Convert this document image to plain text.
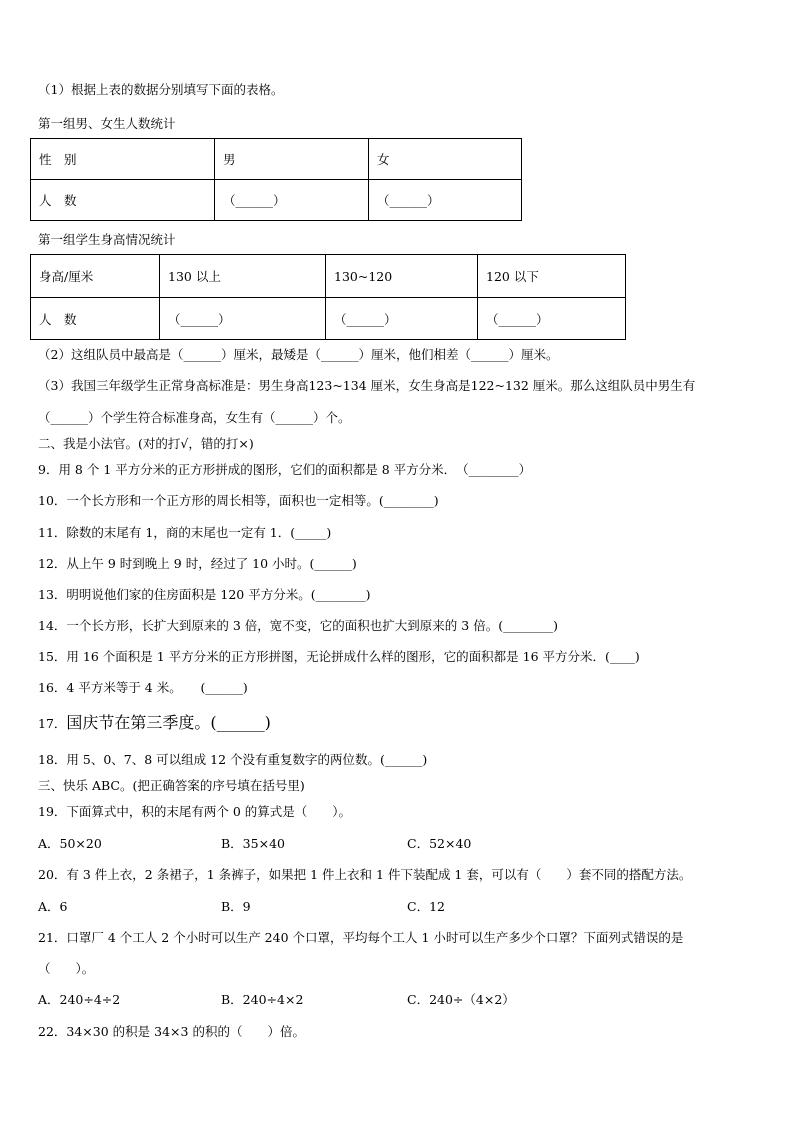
（1）根据上表的数据分别填写下面的表格。
第一组男、女生人数统计
性　别	男	女
人　数	（______）	（______）
第一组学生身高情况统计
身高/厘米	130 以上	130~120	120 以下
人　数	（______）	（______）	（______）
（2）这组队员中最高是（______）厘米，最矮是（______）厘米，他们相差（______）厘米。
（3）我国三年级学生正常身高标准是：男生身高123~134 厘米，女生身高是122~132 厘米。那么这组队员中男生有
（______）个学生符合标准身高，女生有（______）个。
二、我是小法官。(对的打√，错的打×)
9．用 8 个 1 平方分米的正方形拼成的图形，它们的面积都是 8 平方分米．　（________）
10．一个长方形和一个正方形的周长相等，面积也一定相等。(________)
11．除数的末尾有 1，商的末尾也一定有 1．(_____)
12．从上午 9 时到晚上 9 时，经过了 10 小时。(______)
13．明明说他们家的住房面积是 120 平方分米。(________)
14．一个长方形，长扩大到原来的 3 倍，宽不变，它的面积也扩大到原来的 3 倍。(________)
15．用 16 个面积是 1 平方分米的正方形拼图，无论拼成什么样的图形，它的面积都是 16 平方分米．(____)
16．4 平方米等于 4 米。　　(______)
17．国庆节在第三季度。(______)
18．用 5、0、7、8 可以组成 12 个没有重复数字的两位数。(______)
三、快乐 ABC。(把正确答案的序号填在括号里)
19．下面算式中，积的末尾有两个 0 的算式是（　　）。
A．50×20	B．35×40	C．52×40
20．有 3 件上衣，2 条裙子，1 条裤子，如果把 1 件上衣和 1 件下装配成 1 套，可以有（　　）套不同的搭配方法。
A．6	B．9	C．12
21．口罩厂 4 个工人 2 个小时可以生产 240 个口罩，平均每个工人 1 小时可以生产多少个口罩？下面列式错误的是
（　　）。
A．240÷4÷2	B．240÷4×2	C．240÷（4×2）
22．34×30 的积是 34×3 的积的（　　）倍。
